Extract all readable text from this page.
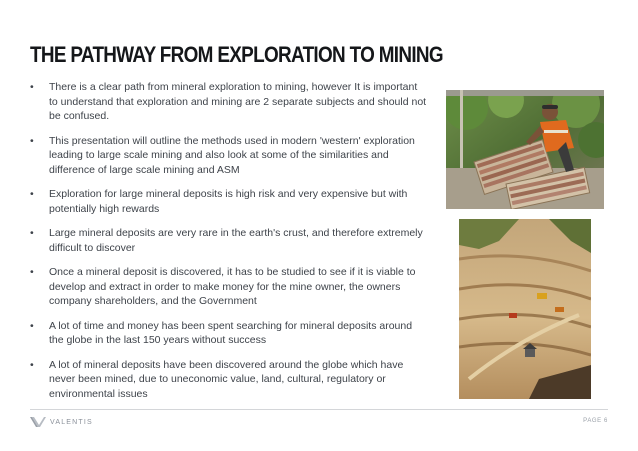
THE PATHWAY FROM EXPLORATION TO MINING
• There is a clear path from mineral exploration to mining, however It is important to understand that exploration and mining are 2 separate subjects and should not be confused.
• This presentation will outline the methods used in modern 'western' exploration leading to large scale mining and also look at some of the similarities and difference of large scale mining and ASM
• Exploration for large mineral deposits is high risk and very expensive but with potentially high rewards
• Large mineral deposits are very rare in the earth's crust, and therefore extremely difficult to discover
• Once a mineral deposit is discovered, it has to be studied to see if it is viable to develop and extract in order to make money for the mine owner, the owners company shareholders, and the Government
• A lot of time and money has been spent searching for mineral deposits around the globe in the last 150 years without success
• A lot of mineral deposits have been discovered around the globe which have never been mined, due to uneconomic value, land, cultural, regulatory or environmental issues
VALENTIS	PAGE 6
